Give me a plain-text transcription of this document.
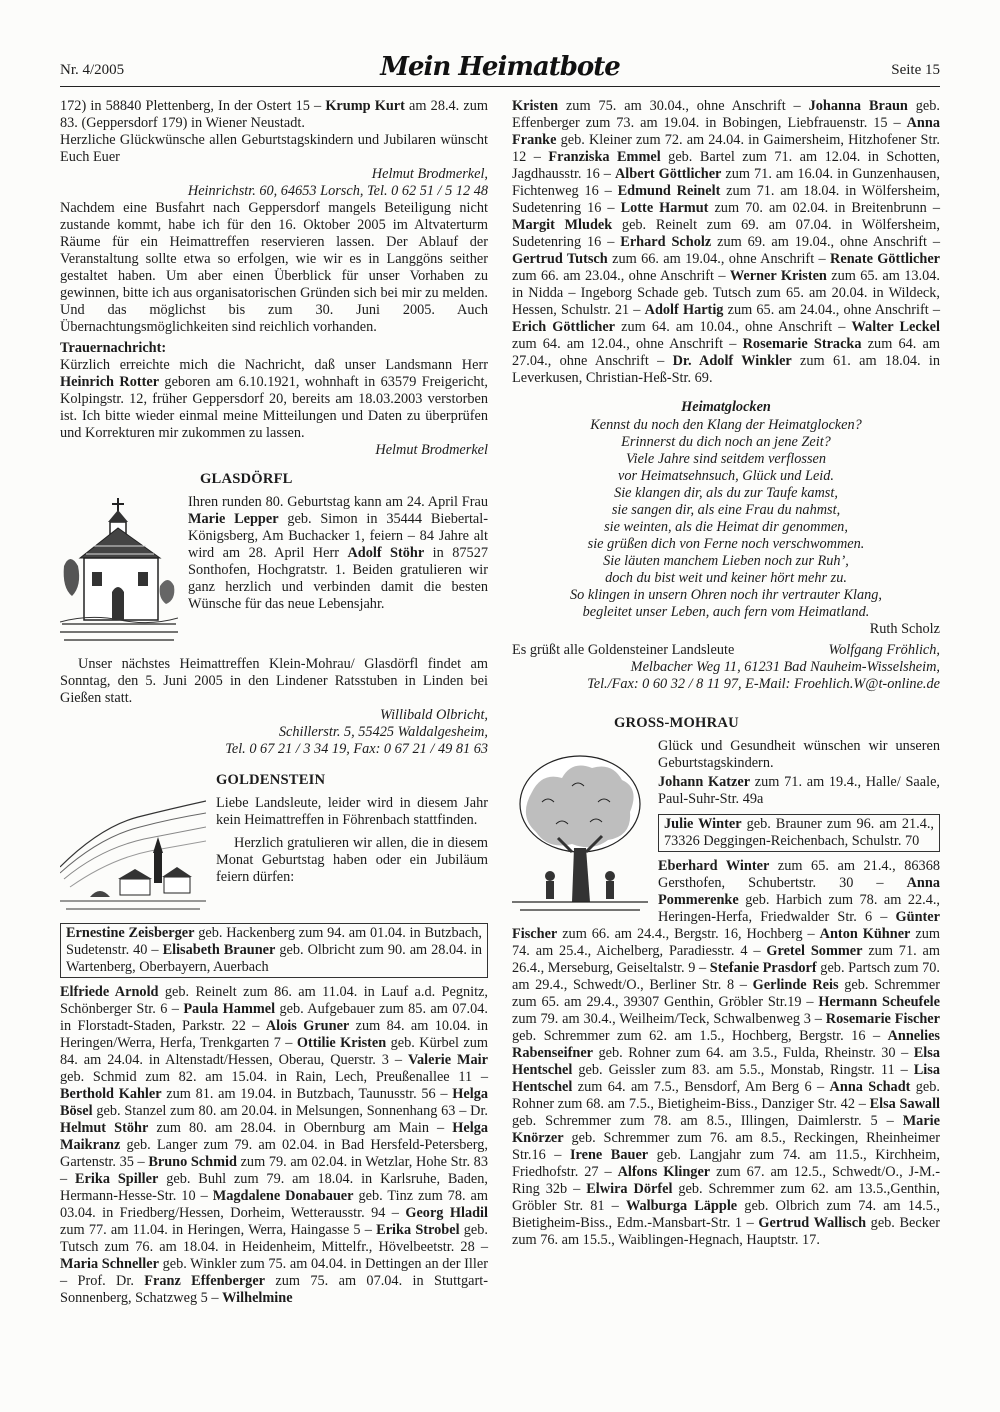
Nr. 4/2005	Mein Heimatbote	Seite 15

172) in 58840 Plettenberg, In der Ostert 15 – Krump Kurt am 28.4. zum 83. (Geppersdorf 179) in Wiener Neustadt.

Herzliche Glückwünsche allen Geburtstagskindern und Jubilaren wünscht Euch Euer

Helmut Brodmerkel,

Heinrichstr. 60, 64653 Lorsch, Tel. 0 62 51 / 5 12 48

Nachdem eine Busfahrt nach Geppersdorf mangels Beteiligung nicht zustande kommt, habe ich für den 16. Oktober 2005 im Altvaterturm Räume für ein Heimattreffen reservieren lassen. Der Ablauf der Veranstaltung sollte etwa so erfolgen, wie wir es in Langgöns seither gestaltet haben. Um aber einen Überblick für unser Vorhaben zu gewinnen, bitte ich aus organisatorischen Gründen sich bei mir zu melden. Und das möglichst bis zum 30. Juni 2005. Auch Übernachtungsmöglichkeiten sind reichlich vorhanden.

Trauernachricht:

Kürzlich erreichte mich die Nachricht, daß unser Landsmann Herr Heinrich Rotter geboren am 6.10.1921, wohnhaft in 63579 Freigericht, Kolpingstr. 12, früher Geppersdorf 20, bereits am 18.03.2003 verstorben ist. Ich bitte wieder einmal meine Mitteilungen und Daten zu überprüfen und Korrekturen mir zukommen zu lassen.

Helmut Brodmerkel

GLASDÖRFL

Ihren runden 80. Geburtstag kann am 24. April Frau Marie Lepper geb. Simon in 35444 Biebertal-Königsberg, Am Buchacker 1, feiern – 84 Jahre alt wird am 28. April Herr Adolf Stöhr in 87527 Sonthofen, Hochgratstr. 1. Beiden gratulieren wir ganz herzlich und verbinden damit die besten Wünsche für das neue Lebensjahr.

Unser nächstes Heimattreffen Klein-Mohrau/ Glasdörfl findet am Sonntag, den 5. Juni 2005 in den Lindener Ratsstuben in Linden bei Gießen statt.

Willibald Olbricht,

Schillerstr. 5, 55425 Waldalgesheim,

Tel. 0 67 21 / 3 34 19, Fax: 0 67 21 / 49 81 63

GOLDENSTEIN

Liebe Landsleute, leider wird in diesem Jahr kein Heimattreffen in Föhrenbach stattfinden.

Herzlich gratulieren wir allen, die in diesem Monat Geburtstag haben oder ein Jubiläum feiern dürfen:

Ernestine Zeisberger geb. Hackenberg zum 94. am 01.04. in Butzbach, Sudetenstr. 40 – Elisabeth Brauner geb. Olbricht zum 90. am 28.04. in Wartenberg, Oberbayern, Auerbach

Elfriede Arnold geb. Reinelt zum 86. am 11.04. in Lauf a.d. Pegnitz, Schönberger Str. 6 – Paula Hammel geb. Aufgebauer zum 85. am 07.04. in Florstadt-Staden, Parkstr. 22 – Alois Gruner zum 84. am 10.04. in Heringen/Werra, Herfa, Trenkgarten 7 – Ottilie Kristen geb. Kürbel zum 84. am 24.04. in Altenstadt/Hessen, Oberau, Querstr. 3 – Valerie Mair geb. Schmid zum 82. am 15.04. in Rain, Lech, Preußenallee 11 – Berthold Kahler zum 81. am 19.04. in Butzbach, Taunusstr. 56 – Helga Bösel geb. Stanzel zum 80. am 20.04. in Melsungen, Sonnenhang 63 – Dr. Helmut Stöhr zum 80. am 28.04. in Obernburg am Main – Helga Maikranz geb. Langer zum 79. am 02.04. in Bad Hersfeld-Petersberg, Gartenstr. 35 – Bruno Schmid zum 79. am 02.04. in Wetzlar, Hohe Str. 83 – Erika Spiller geb. Buhl zum 79. am 18.04. in Karlsruhe, Baden, Hermann-Hesse-Str. 10 – Magdalene Donabauer geb. Tinz zum 78. am 03.04. in Friedberg/Hessen, Dorheim, Wetterausstr. 94 – Georg Hladil zum 77. am 11.04. in Heringen, Werra, Haingasse 5 – Erika Strobel geb. Tutsch zum 76. am 18.04. in Heidenheim, Mittelfr., Hövelbeetstr. 28 – Maria Schneller geb. Winkler zum 75. am 04.04. in Dettingen an der Iller – Prof. Dr. Franz Effenberger zum 75. am 07.04. in Stuttgart-Sonnenberg, Schatzweg 5 – Wilhelmine

Kristen zum 75. am 30.04., ohne Anschrift – Johanna Braun geb. Effenberger zum 73. am 19.04. in Bobingen, Liebfrauenstr. 15 – Anna Franke geb. Kleiner zum 72. am 24.04. in Gaimersheim, Hitzhofener Str. 12 – Franziska Emmel geb. Bartel zum 71. am 12.04. in Schotten, Jagdhausstr. 16 – Albert Göttlicher zum 71. am 16.04. in Gunzenhausen, Fichtenweg 16 – Edmund Reinelt zum 71. am 18.04. in Wölfersheim, Sudetenring 16 – Lotte Harmut zum 70. am 02.04. in Breitenbrunn – Margit Mludek geb. Reinelt zum 69. am 07.04. in Wölfersheim, Sudetenring 16 – Erhard Scholz zum 69. am 19.04., ohne Anschrift – Gertrud Tutsch zum 66. am 19.04., ohne Anschrift – Renate Göttlicher zum 66. am 23.04., ohne Anschrift – Werner Kristen zum 65. am 13.04. in Nidda – Ingeborg Schade geb. Tutsch zum 65. am 20.04. in Wildeck, Hessen, Schulstr. 21 – Adolf Hartig zum 65. am 24.04., ohne Anschrift – Erich Göttlicher zum 64. am 10.04., ohne Anschrift – Walter Leckel zum 64. am 12.04., ohne Anschrift – Rosemarie Stracka zum 64. am 27.04., ohne Anschrift – Dr. Adolf Winkler zum 61. am 18.04. in Leverkusen, Christian-Heß-Str. 69.

Heimatglocken

Kennst du noch den Klang der Heimatglocken?

Erinnerst du dich noch an jene Zeit?

Viele Jahre sind seitdem verflossen

vor Heimatsehnsuch, Glück und Leid.

Sie klangen dir, als du zur Taufe kamst,

sie sangen dir, als eine Frau du nahmst,

sie weinten, als die Heimat dir genommen,

sie grüßen dich von Ferne noch verschwommen.

Sie läuten manchem Lieben noch zur Ruh’,

doch du bist weit und keiner hört mehr zu.

So klingen in unsern Ohren noch ihr vertrauter Klang,

begleitet unser Leben, auch fern vom Heimatland.

Ruth Scholz

Es grüßt alle Goldensteiner Landsleute	Wolfgang Fröhlich,

Melbacher Weg 11, 61231 Bad Nauheim-Wisselsheim,

Tel./Fax: 0 60 32 / 8 11 97, E-Mail: Froehlich.W@t-online.de

GROSS-MOHRAU

Glück und Gesundheit wünschen wir unseren Geburtstagskindern.

Johann Katzer zum 71. am 19.4., Halle/ Saale, Paul-Suhr-Str. 49a

Julie Winter geb. Brauner zum 96. am 21.4., 73326 Deggingen-Reichenbach, Schulstr. 70

Eberhard Winter zum 65. am 21.4., 86368 Gersthofen, Schubertstr. 30 – Anna Pommerenke geb. Harbich zum 78. am 22.4., Heringen-Herfa, Friedwalder Str. 6 – Günter Fischer zum 66. am 24.4., Bergstr. 16, Hochberg – Anton Kühner zum 74. am 25.4., Aichelberg, Paradiesstr. 4 – Gretel Sommer zum 71. am 26.4., Merseburg, Geiseltalstr. 9 – Stefanie Prasdorf geb. Partsch zum 70. am 29.4., Schwedt/O., Berliner Str. 8 – Gerlinde Reis geb. Schremmer zum 65. am 29.4., 39307 Genthin, Gröbler Str.19 – Hermann Scheufele zum 79. am 30.4., Weilheim/Teck, Schwalbenweg 3 – Rosemarie Fischer geb. Schremmer zum 62. am 1.5., Hochberg, Bergstr. 16 – Annelies Rabenseifner geb. Rohner zum 64. am 3.5., Fulda, Rheinstr. 30 – Elsa Hentschel geb. Geissler zum 83. am 5.5., Monstab, Ringstr. 11 – Lisa Hentschel zum 64. am 7.5., Bensdorf, Am Berg 6 – Anna Schadt geb. Rohner zum 68. am 7.5., Bietigheim-Biss., Danziger Str. 42 – Elsa Sawall geb. Schremmer zum 78. am 8.5., Illingen, Daimlerstr. 5 – Marie Knörzer geb. Schremmer zum 76. am 8.5., Reckingen, Rheinheimer Str.16 – Irene Bauer geb. Langjahr zum 74. am 11.5., Kirchheim, Friedhofstr. 27 – Alfons Klinger zum 67. am 12.5., Schwedt/O., J-M.-Ring 32b – Elwira Dörfel geb. Schremmer zum 62. am 13.5.,Genthin, Gröbler Str. 81 – Walburga Läpple geb. Olbrich zum 74. am 14.5., Bietigheim-Biss., Edm.-Mansbart-Str. 1 – Gertrud Wallisch geb. Becker zum 76. am 15.5., Waiblingen-Hegnach, Hauptstr. 17.
